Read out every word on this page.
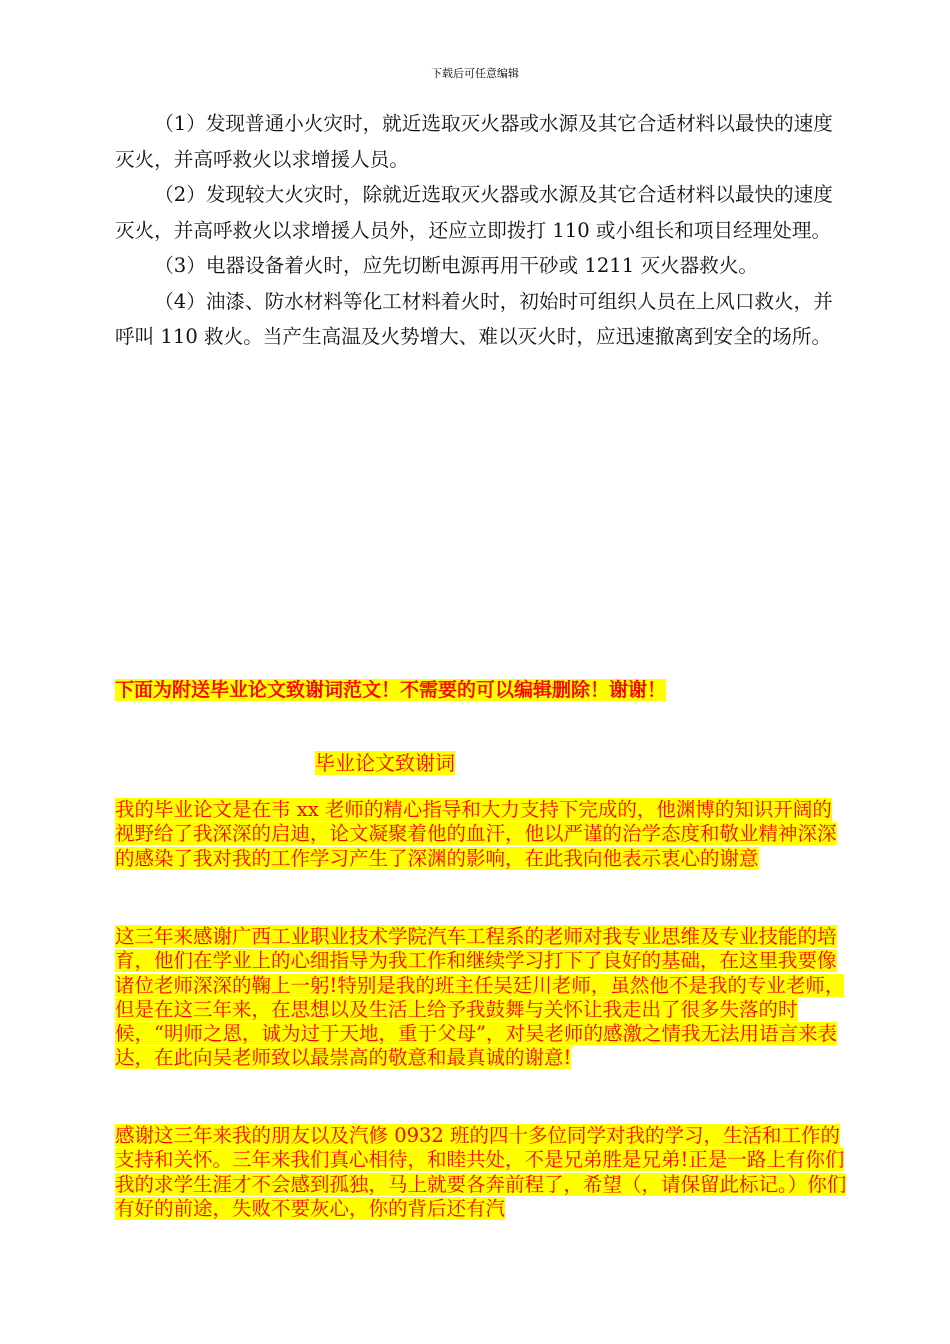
下载后可任意编辑

（1）发现普通小火灾时，就近选取灭火器或水源及其它合适材料以最快的速度灭火，并高呼救火以求增援人员。

（2）发现较大火灾时，除就近选取灭火器或水源及其它合适材料以最快的速度灭火，并高呼救火以求增援人员外，还应立即拨打 110 或小组长和项目经理处理。

（3）电器设备着火时，应先切断电源再用干砂或 1211 灭火器救火。

（4）油漆、防水材料等化工材料着火时，初始时可组织人员在上风口救火，并呼叫 110 救火。当产生高温及火势增大、难以灭火时，应迅速撤离到安全的场所。

下面为附送毕业论文致谢词范文！不需要的可以编辑删除！谢谢！
毕业论文致谢词

我的毕业论文是在韦 xx 老师的精心指导和大力支持下完成的，他渊博的知识开阔的视野给了我深深的启迪，论文凝聚着他的血汗，他以严谨的治学态度和敬业精神深深的感染了我对我的工作学习产生了深渊的影响，在此我向他表示衷心的谢意

这三年来感谢广西工业职业技术学院汽车工程系的老师对我专业思维及专业技能的培育，他们在学业上的心细指导为我工作和继续学习打下了良好的基础，在这里我要像诸位老师深深的鞠上一躬!特别是我的班主任吴廷川老师，虽然他不是我的专业老师，但是在这三年来，在思想以及生活上给予我鼓舞与关怀让我走出了很多失落的时候，“明师之恩，诚为过于天地，重于父母”，对吴老师的感激之情我无法用语言来表达，在此向吴老师致以最崇高的敬意和最真诚的谢意!

感谢这三年来我的朋友以及汽修 0932 班的四十多位同学对我的学习，生活和工作的支持和关怀。三年来我们真心相待，和睦共处，不是兄弟胜是兄弟!正是一路上有你们我的求学生涯才不会感到孤独，马上就要各奔前程了，希望（，请保留此标记。）你们有好的前途，失败不要灰心，你的背后还有汽
